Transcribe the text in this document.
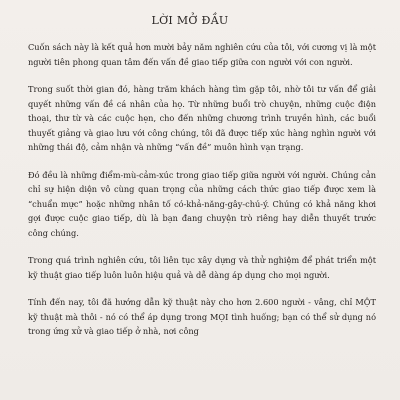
LỜI MỞ ĐẦU

Cuốn sách này là kết quả hơn mười bảy năm nghiên cứu của tôi, với cương vị là một người tiên phong quan tâm đến vấn đề giao tiếp giữa con người với con người.

Trong suốt thời gian đó, hàng trăm khách hàng tìm gặp tôi, nhờ tôi tư vấn để giải quyết những vấn đề cá nhân của họ. Từ những buổi trò chuyện, những cuộc điện thoại, thư từ và các cuộc hẹn, cho đến những chương trình truyền hình, các buổi thuyết giảng và giao lưu với công chúng, tôi đã được tiếp xúc hàng nghìn người với những thái độ, cảm nhận và những “vấn đề” muôn hình vạn trạng.

Đó đều là những điểm-mù-cảm-xúc trong giao tiếp giữa người với người. Chúng cản chỉ sự hiện diện vô cùng quan trọng của những cách thức giao tiếp được xem là “chuẩn mực” hoặc những nhân tố có-khả-năng-gây-chú-ý. Chúng có khả năng khơi gợi được cuộc giao tiếp, dù là bạn đang chuyện trò riêng hay diễn thuyết trước công chúng.

Trong quá trình nghiên cứu, tôi liên tục xây dựng và thử nghiệm để phát triển một kỹ thuật giao tiếp luôn luôn hiệu quả và dễ dàng áp dụng cho mọi người.

Tính đến nay, tôi đã hướng dẫn kỹ thuật này cho hơn 2.600 người - vâng, chỉ MỘT kỹ thuật mà thôi - nó có thể áp dụng trong MỌI tình huống; bạn có thể sử dụng nó trong ứng xử và giao tiếp ở nhà, nơi công
